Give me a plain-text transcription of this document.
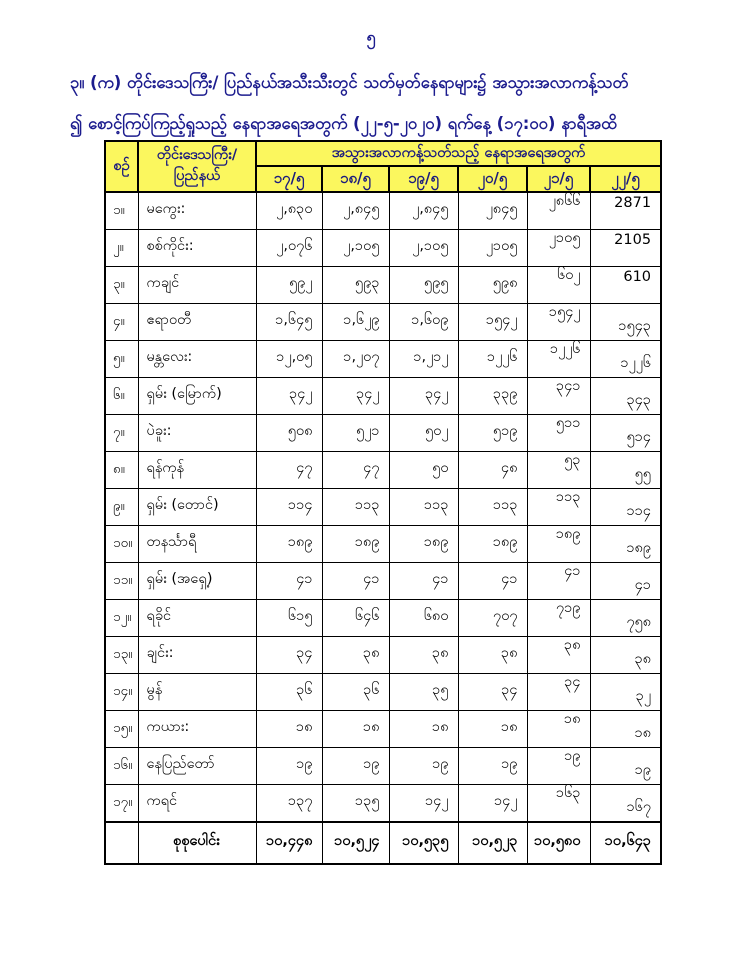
၅
၃။ (က) တိုင်းဒေသကြီး/ ပြည်နယ်အသီးသီးတွင် သတ်မှတ်နေရာများ၌ အသွားအလာကန့်သတ်
၍ စောင့်ကြပ်ကြည့်ရှုသည့် နေရာအရေအတွက် (၂၂-၅-၂၀၂၀) ရက်နေ့ (၁၇:၀၀) နာရီအထိ
စဉ်	တိုင်းဒေသကြီး/
ပြည်နယ်	အသွားအလာကန့်သတ်သည့် နေရာအရေအတွက်					
		၁၇/၅	၁၈/၅	၁၉/၅	၂၀/၅	၂၁/၅	၂၂/၅
၁။	မကွေး:	၂,၈၃၀	၂,၈၄၅	၂,၈၄၅	၂၈၄၅	၂၈၆၆	2871
၂။	စစ်ကိုင်း:	၂,၀၇၆	၂,၁၀၅	၂,၁၀၅	၂၁၀၅	၂၁၀၅	2105
၃။	ကချင်	၅၉၂	၅၉၃	၅၉၅	၅၉၈	၆၀၂	610
၄။	ဧရာဝတီ	၁,၆၄၅	၁,၆၂၉	၁,၆၀၉	၁၅၄၂	၁၅၄၂	၁၅၄၃
၅။	မန္တလေး:	၁၂,၀၅	၁,၂၀၇	၁,၂၁၂	၁၂၂၆	၁၂၂၆	၁၂၂၆
၆။	ရှမ်း (မြောက်)	၃၄၂	၃၄၂	၃၄၂	၃၃၉	၃၄၁	၃၄၃
၇။	ပဲခူး:	၅၀၈	၅၂၁	၅၀၂	၅၁၉	၅၁၁	၅၁၄
၈။	ရန်ကုန်	၄၇	၄၇	၅၀	၄၈	၅၃	၅၅
၉။	ရှမ်း (တောင်)	၁၁၄	၁၁၃	၁၁၃	၁၁၃	၁၁၃	၁၁၄
၁၀။	တနင်္သာရီ	၁၈၉	၁၈၉	၁၈၉	၁၈၉	၁၈၉	၁၈၉
၁၁။	ရှမ်း (အရှေ့)	၄၁	၄၁	၄၁	၄၁	၄၁	၄၁
၁၂။	ရခိုင်	၆၁၅	၆၄၆	၆၈၀	၇၀၇	၇၁၉	၇၅၈
၁၃။	ချင်း:	၃၄	၃၈	၃၈	၃၈	၃၈	၃၈
၁၄။	မွန်	၃၆	၃၆	၃၅	၃၄	၃၄	၃၂
၁၅။	ကယား:	၁၈	၁၈	၁၈	၁၈	၁၈	၁၈
၁၆။	နေပြည်တော်	၁၉	၁၉	၁၉	၁၉	၁၉	၁၉
၁၇။	ကရင်	၁၃၇	၁၃၅	၁၄၂	၁၄၂	၁၆၃	၁၆၇
	စုစုပေါင်း	၁၀,၄၄၈	၁၀,၅၂၄	၁၀,၅၃၅	၁၀,၅၂၃	၁၀,၅၈၀	၁၀,၆၄၃
